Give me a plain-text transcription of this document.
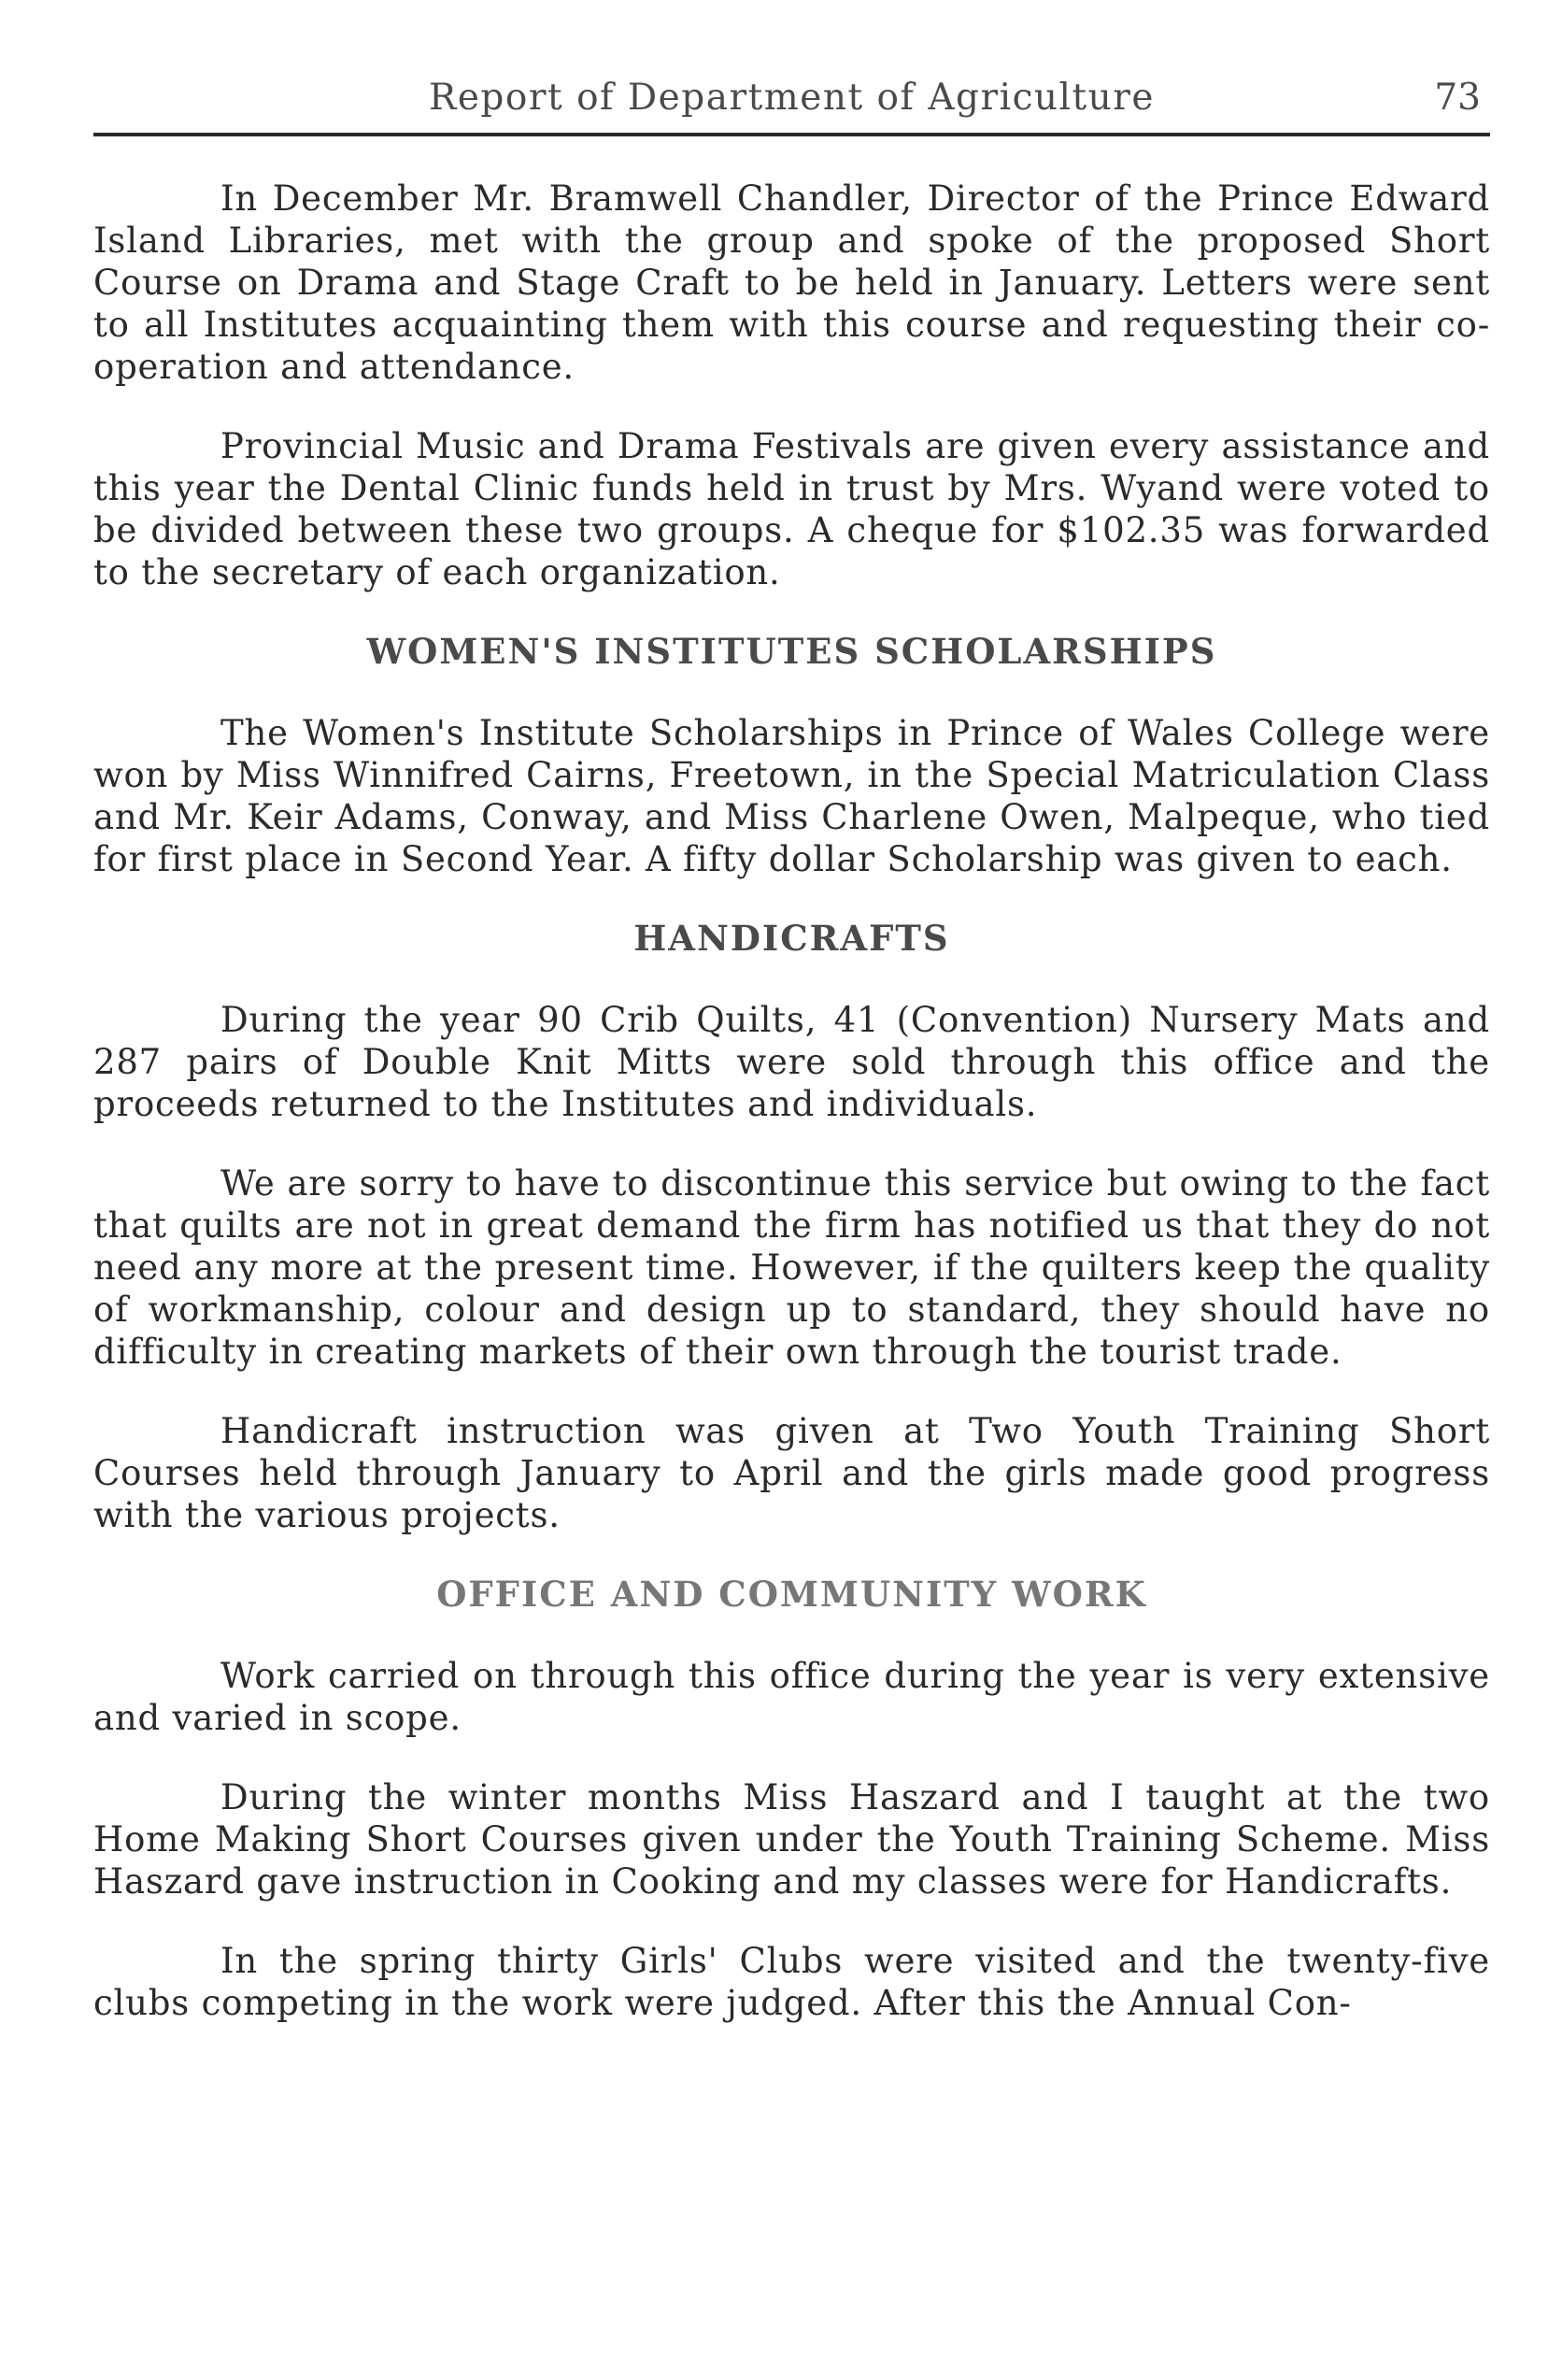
Report of Department of Agriculture	73

In December Mr. Bramwell Chandler, Director of the Prince Edward Island Libraries, met with the group and spoke of the proposed Short Course on Drama and Stage Craft to be held in January. Letters were sent to all Institutes acquainting them with this course and requesting their co-operation and attendance.

Provincial Music and Drama Festivals are given every assistance and this year the Dental Clinic funds held in trust by Mrs. Wyand were voted to be divided between these two groups. A cheque for $102.35 was forwarded to the secretary of each organization.

WOMEN'S INSTITUTES SCHOLARSHIPS

The Women's Institute Scholarships in Prince of Wales College were won by Miss Winnifred Cairns, Freetown, in the Special Matriculation Class and Mr. Keir Adams, Conway, and Miss Charlene Owen, Malpeque, who tied for first place in Second Year. A fifty dollar Scholarship was given to each.

HANDICRAFTS

During the year 90 Crib Quilts, 41 (Convention) Nursery Mats and 287 pairs of Double Knit Mitts were sold through this office and the proceeds returned to the Institutes and individuals.

We are sorry to have to discontinue this service but owing to the fact that quilts are not in great demand the firm has notified us that they do not need any more at the present time. However, if the quilters keep the quality of workmanship, colour and design up to standard, they should have no difficulty in creating markets of their own through the tourist trade.

Handicraft instruction was given at Two Youth Training Short Courses held through January to April and the girls made good progress with the various projects.

OFFICE AND COMMUNITY WORK

Work carried on through this office during the year is very extensive and varied in scope.

During the winter months Miss Haszard and I taught at the two Home Making Short Courses given under the Youth Training Scheme. Miss Haszard gave instruction in Cooking and my classes were for Handicrafts.

In the spring thirty Girls' Clubs were visited and the twenty-five clubs competing in the work were judged. After this the Annual Con-
